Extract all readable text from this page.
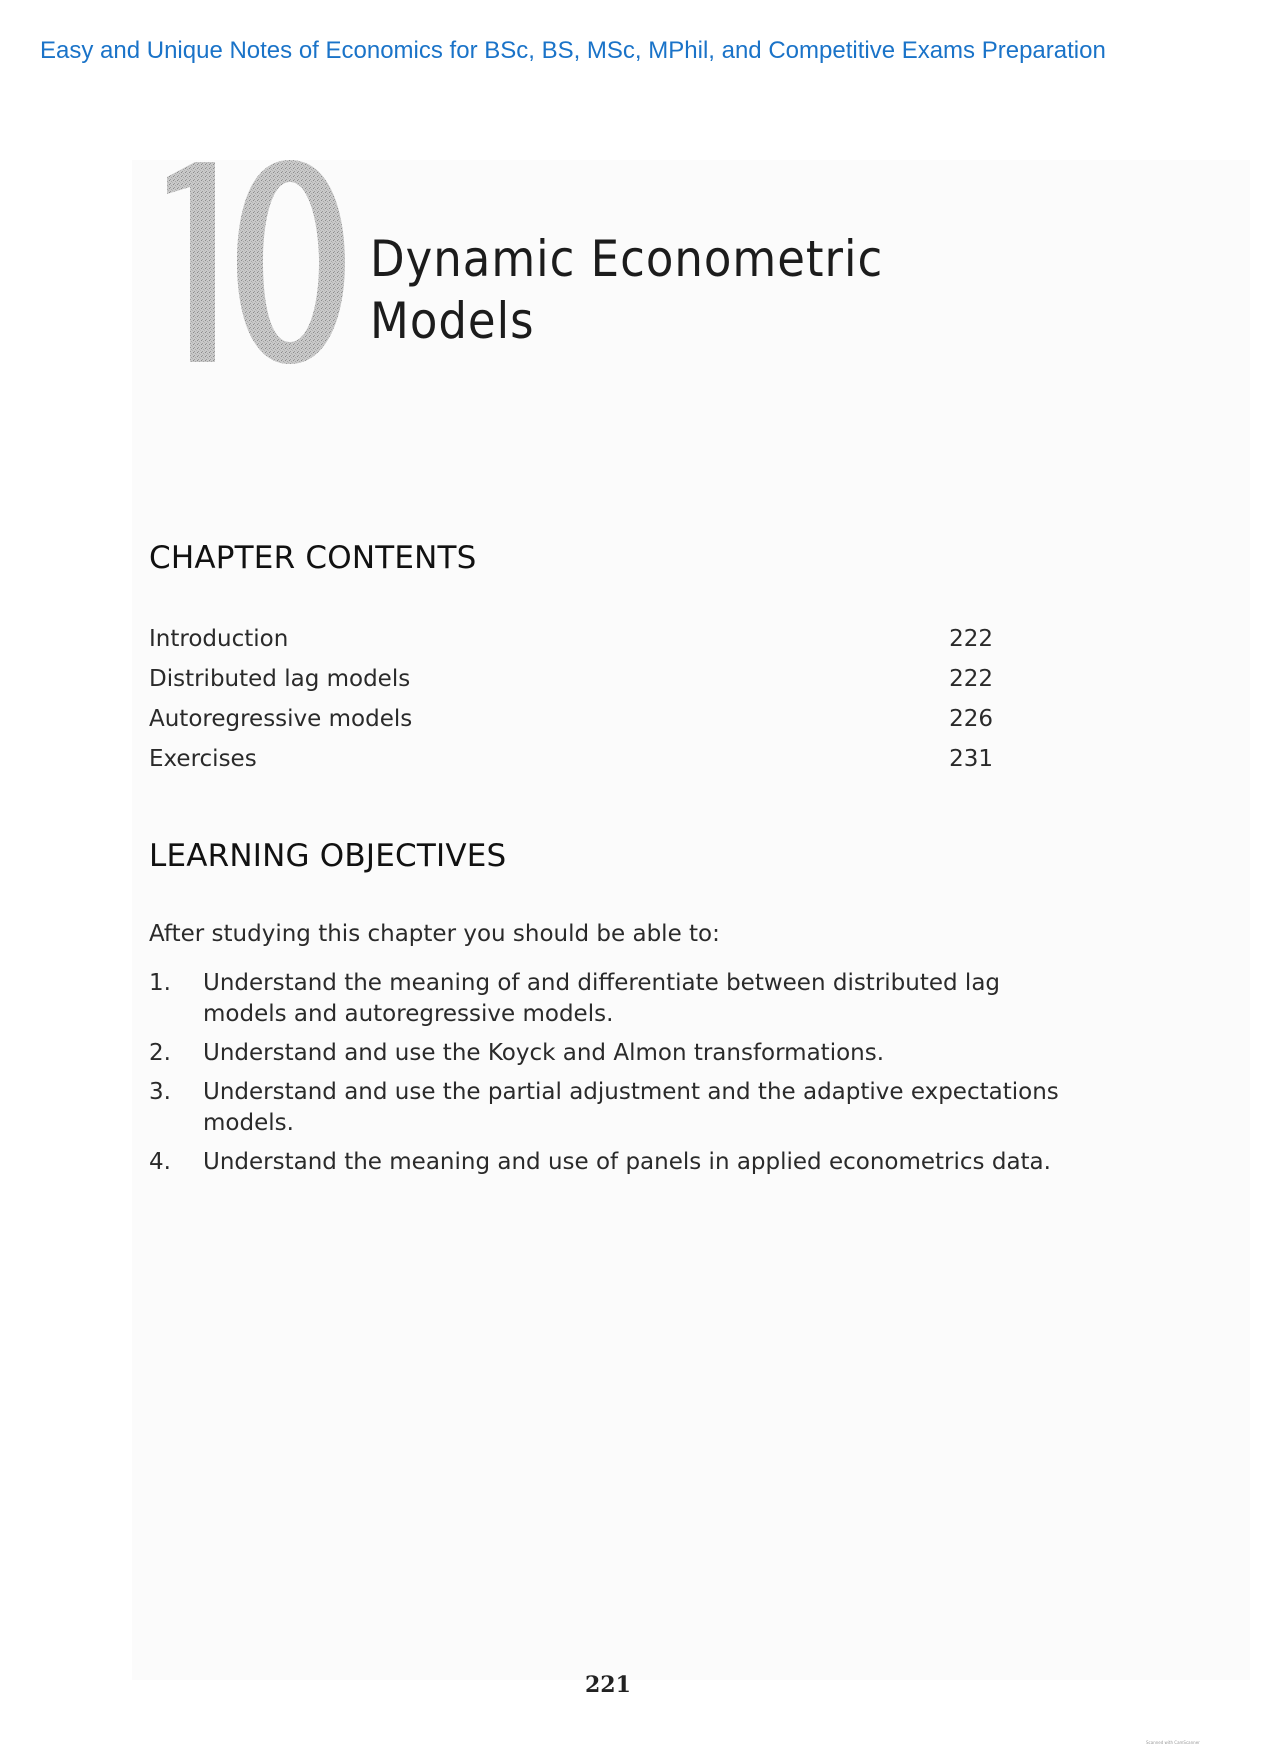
Easy and Unique Notes of Economics for BSc, BS, MSc, MPhil, and Competitive Exams Preparation
Dynamic Econometric
Models
CHAPTER CONTENTS
Introduction	222
Distributed lag models	222
Autoregressive models	226
Exercises	231
LEARNING OBJECTIVES
After studying this chapter you should be able to:
1. Understand the meaning of and differentiate between distributed lag models and autoregressive models.
2. Understand and use the Koyck and Almon transformations.
3. Understand and use the partial adjustment and the adaptive expectations models.
4. Understand the meaning and use of panels in applied econometrics data.
221
Scanned with CamScanner
